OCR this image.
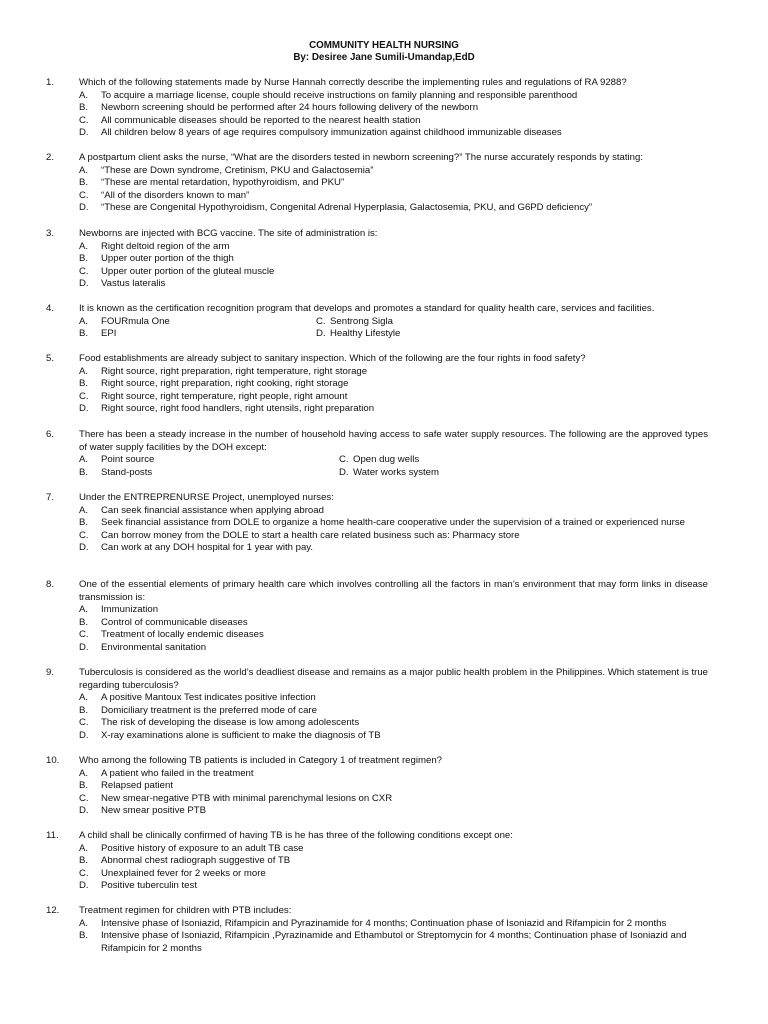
COMMUNITY HEALTH NURSING
By: Desiree Jane Sumili-Umandap,EdD
1.	Which of the following statements made by Nurse Hannah correctly describe the implementing rules and regulations of RA 9288?
A. To acquire a marriage license, couple should receive instructions on family planning and responsible parenthood
B. Newborn screening should be performed after 24 hours following delivery of the newborn
C. All communicable diseases should be reported to the nearest health station
D. All children below 8 years of age requires compulsory immunization against childhood immunizable diseases
2.	A postpartum client asks the nurse, “What are the disorders tested in newborn screening?” The nurse accurately responds by stating:
A. “These are Down syndrome, Cretinism, PKU and Galactosemia”
B. “These are mental retardation, hypothyroidism, and PKU”
C. “All of the disorders known to man”
D. “These are Congenital Hypothyroidism, Congenital Adrenal Hyperplasia, Galactosemia, PKU, and G6PD deficiency”
3.	Newborns are injected with BCG vaccine. The site of administration is:
A. Right deltoid region of the arm
B. Upper outer portion of the thigh
C. Upper outer portion of the gluteal muscle
D. Vastus lateralis
4.	It is known as the certification recognition program that develops and promotes a standard for quality health care, services and facilities.
A. FOURmula One	C. Sentrong Sigla
B. EPI	D. Healthy Lifestyle
5.	Food establishments are already subject to sanitary inspection. Which of the following are the four rights in food safety?
A. Right source, right preparation, right temperature, right storage
B. Right source, right preparation, right cooking, right storage
C. Right source, right temperature, right people, right amount
D. Right source, right food handlers, right utensils, right preparation
6.	There has been a steady increase in the number of household having access to safe water supply resources. The following are the approved types of water supply facilities by the DOH except:
A. Point source	C. Open dug wells
B. Stand-posts	D. Water works system
7.	Under the ENTREPRENURSE Project, unemployed nurses:
A. Can seek financial assistance when applying abroad
B. Seek financial assistance from DOLE to organize a home health-care cooperative under the supervision of a trained or experienced nurse
C. Can borrow money from the DOLE to start a health care related business such as: Pharmacy store
D. Can work at any DOH hospital for 1 year with pay.
8.	One of the essential elements of primary health care which involves controlling all the factors in man’s environment that may form links in disease transmission is:
A. Immunization
B. Control of communicable diseases
C. Treatment of locally endemic diseases
D. Environmental sanitation
9.	Tuberculosis is considered as the world’s deadliest disease and remains as a major public health problem in the Philippines. Which statement is true regarding tuberculosis?
A. A positive Mantoux Test indicates positive infection
B. Domiciliary treatment is the preferred mode of care
C. The risk of developing the disease is low among adolescents
D. X-ray examinations alone is sufficient to make the diagnosis of TB
10. Who among the following TB patients is included in Category 1 of treatment regimen?
A. A patient who failed in the treatment
B. Relapsed patient
C. New smear-negative PTB with minimal parenchymal lesions on CXR
D. New smear positive PTB
11. A child shall be clinically confirmed of having TB is he has three of the following conditions except one:
A. Positive history of exposure to an adult TB case
B. Abnormal chest radiograph suggestive of TB
C. Unexplained fever for 2 weeks or more
D. Positive tuberculin test
12. Treatment regimen for children with PTB includes:
A. Intensive phase of Isoniazid, Rifampicin and Pyrazinamide for 4 months; Continuation phase of Isoniazid and Rifampicin for 2 months
B. Intensive phase of Isoniazid, Rifampicin ,Pyrazinamide and Ethambutol or Streptomycin for 4 months; Continuation phase of Isoniazid and Rifampicin for 2 months
